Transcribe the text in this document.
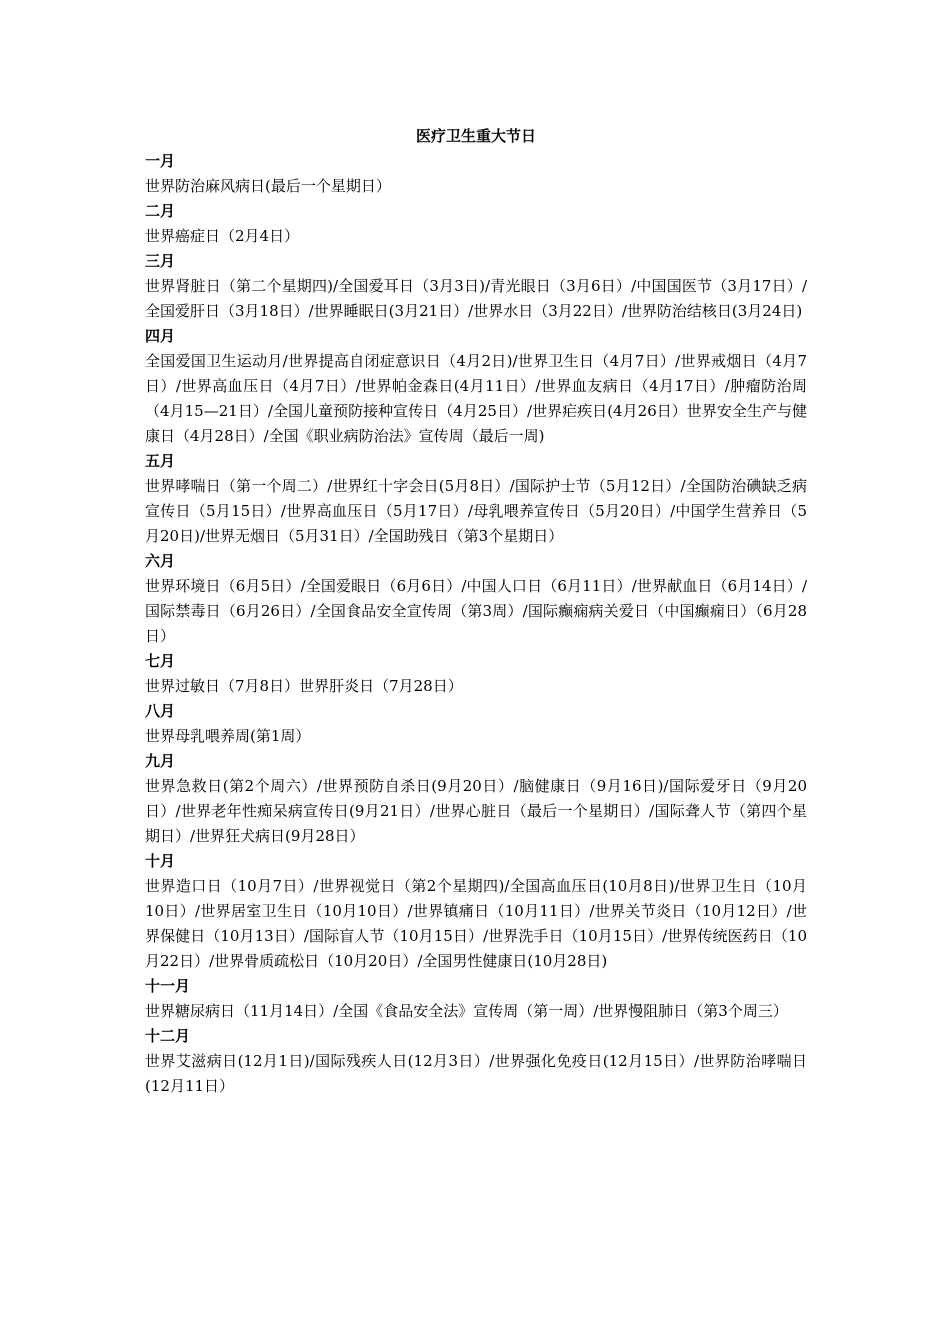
医疗卫生重大节日

一月

世界防治麻风病日(最后一个星期日）

二月

世界癌症日（2月4日）

三月

世界肾脏日（第二个星期四)/全国爱耳日（3月3日)/青光眼日（3月6日）/中国国医节（3月17日）/全国爱肝日（3月18日）/世界睡眠日(3月21日）/世界水日（3月22日）/世界防治结核日(3月24日)

四月

全国爱国卫生运动月/世界提高自闭症意识日（4月2日)/世界卫生日（4月7日）/世界戒烟日（4月7日）/世界高血压日（4月7日）/世界帕金森日(4月11日）/世界血友病日（4月17日）/肿瘤防治周（4月15—21日）/全国儿童预防接种宣传日（4月25日）/世界疟疾日(4月26日）世界安全生产与健康日（4月28日）/全国《职业病防治法》宣传周（最后一周)

五月

世界哮喘日（第一个周二）/世界红十字会日(5月8日）/国际护士节（5月12日）/全国防治碘缺乏病宣传日（5月15日）/世界高血压日（5月17日）/母乳喂养宣传日（5月20日）/中国学生营养日（5月20日)/世界无烟日（5月31日）/全国助残日（第3个星期日）

六月

世界环境日（6月5日）/全国爱眼日（6月6日）/中国人口日（6月11日）/世界献血日（6月14日）/国际禁毒日（6月26日）/全国食品安全宣传周（第3周）/国际癫痫病关爱日（中国癫痫日）（6月28日）

七月

世界过敏日（7月8日）世界肝炎日（7月28日）

八月

世界母乳喂养周(第1周）

九月

世界急救日(第2个周六）/世界预防自杀日(9月20日）/脑健康日（9月16日)/国际爱牙日（9月20日）/世界老年性痴呆病宣传日(9月21日）/世界心脏日（最后一个星期日）/国际聋人节（第四个星期日）/世界狂犬病日(9月28日）

十月

世界造口日（10月7日）/世界视觉日（第2个星期四)/全国高血压日(10月8日)/世界卫生日（10月10日）/世界居室卫生日（10月10日）/世界镇痛日（10月11日）/世界关节炎日（10月12日）/世界保健日（10月13日）/国际盲人节（10月15日）/世界洗手日（10月15日）/世界传统医药日（10月22日）/世界骨质疏松日（10月20日）/全国男性健康日(10月28日)

十一月

世界糖尿病日（11月14日）/全国《食品安全法》宣传周（第一周）/世界慢阻肺日（第3个周三）

十二月

世界艾滋病日(12月1日)/国际残疾人日(12月3日）/世界强化免疫日(12月15日）/世界防治哮喘日(12月11日）
